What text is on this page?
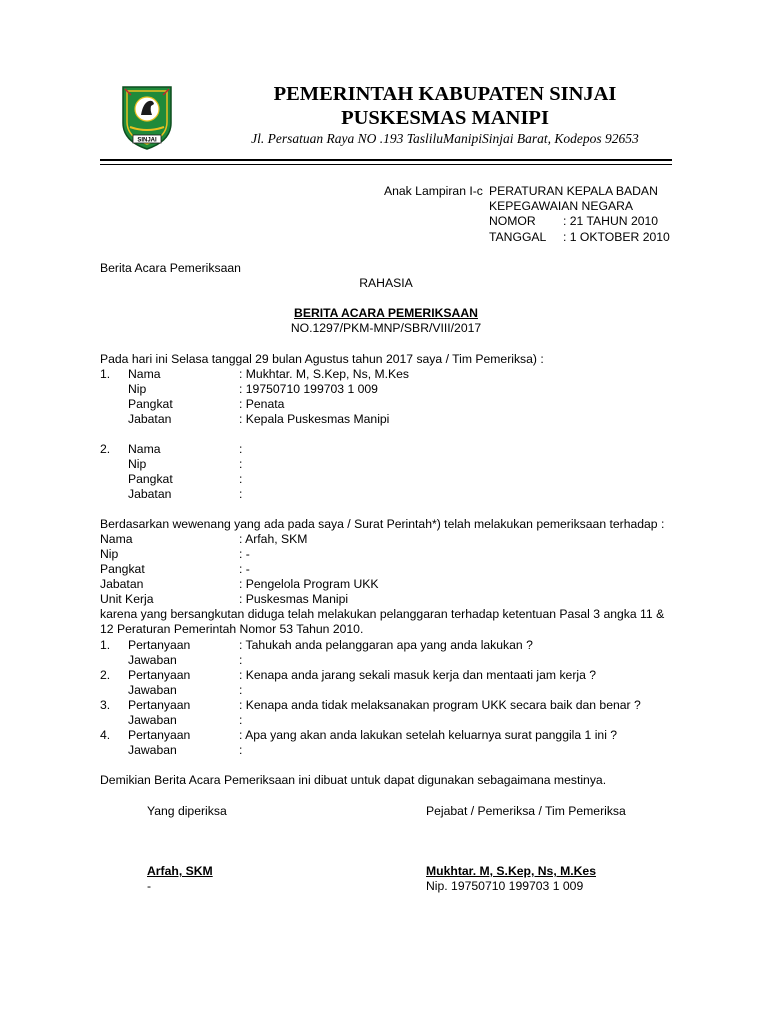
SINJAI
PEMERINTAH KABUPATEN SINJAI
PUSKESMAS MANIPI
Jl. Persatuan Raya NO .193 TasliluManipiSinjai Barat, Kodepos 92653
Anak Lampiran I-c PERATURAN KEPALA BADAN
KEPEGAWAIAN NEGARA
NOMOR : 21 TAHUN 2010
TANGGAL : 1 OKTOBER 2010
Berita Acara Pemeriksaan
RAHASIA
BERITA ACARA PEMERIKSAAN
NO.1297/PKM-MNP/SBR/VIII/2017
Pada hari ini Selasa tanggal 29 bulan Agustus tahun 2017 saya / Tim Pemeriksa) :
1. Nama	: Mukhtar. M, S.Kep, Ns, M.Kes
Nip	: 19750710 199703 1 009
Pangkat	: Penata
Jabatan	: Kepala Puskesmas Manipi
2. Nama	:
Nip	:
Pangkat	:
Jabatan	:
Berdasarkan wewenang yang ada pada saya / Surat Perintah*) telah melakukan pemeriksaan terhadap :
Nama	: Arfah, SKM
Nip	: -
Pangkat	: -
Jabatan	: Pengelola Program UKK
Unit Kerja	: Puskesmas Manipi
karena yang bersangkutan diduga telah melakukan pelanggaran terhadap ketentuan Pasal 3 angka 11 &
12 Peraturan Pemerintah Nomor 53 Tahun 2010.
1. Pertanyaan	: Tahukah anda pelanggaran apa yang anda lakukan ?
Jawaban	:
2. Pertanyaan	: Kenapa anda jarang sekali masuk kerja dan mentaati jam kerja ?
Jawaban	:
3. Pertanyaan	: Kenapa anda tidak melaksanakan program UKK secara baik dan benar ?
Jawaban	:
4. Pertanyaan	: Apa yang akan anda lakukan setelah keluarnya surat panggila 1 ini ?
Jawaban	:
Demikian Berita Acara Pemeriksaan ini dibuat untuk dapat digunakan sebagaimana mestinya.
Yang diperiksa	Pejabat / Pemeriksa / Tim Pemeriksa
Arfah, SKM	Mukhtar. M, S.Kep, Ns, M.Kes
-	Nip. 19750710 199703 1 009
